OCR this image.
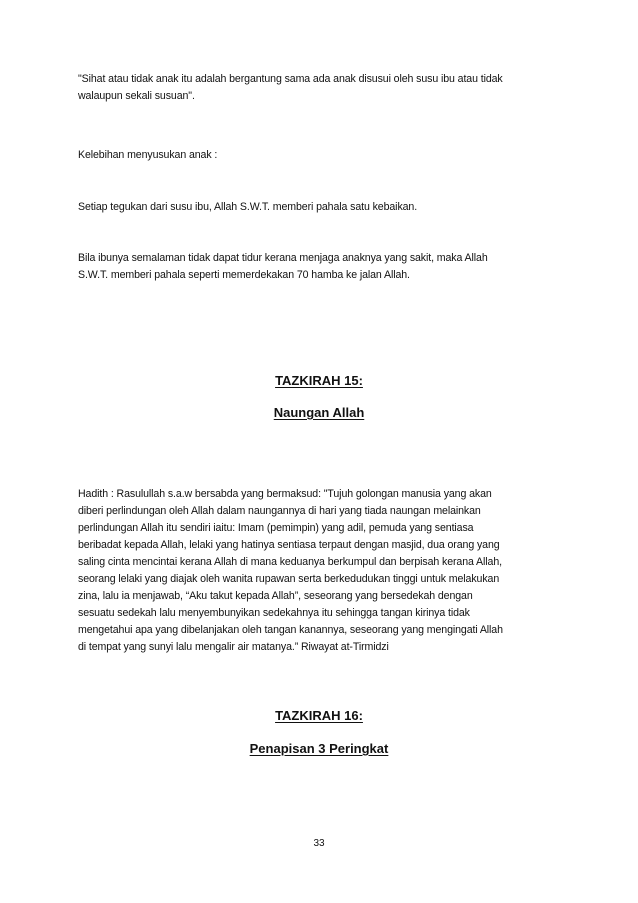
"Sihat atau tidak anak itu adalah bergantung sama ada anak disusui oleh susu ibu atau tidak
walaupun sekali susuan".

Kelebihan menyusukan anak :

Setiap tegukan dari susu ibu, Allah S.W.T. memberi pahala satu kebaikan.

Bila ibunya semalaman tidak dapat tidur kerana menjaga anaknya yang sakit, maka Allah
S.W.T. memberi pahala seperti memerdekakan 70 hamba ke jalan Allah.

TAZKIRAH 15:
Naungan Allah

Hadith : Rasulullah s.a.w bersabda yang bermaksud: "Tujuh golongan manusia yang akan
diberi perlindungan oleh Allah dalam naungannya di hari yang tiada naungan melainkan
perlindungan Allah itu sendiri iaitu: Imam (pemimpin) yang adil, pemuda yang sentiasa
beribadat kepada Allah, lelaki yang hatinya sentiasa terpaut dengan masjid, dua orang yang
saling cinta mencintai kerana Allah di mana keduanya berkumpul dan berpisah kerana Allah,
seorang lelaki yang diajak oleh wanita rupawan serta berkedudukan tinggi untuk melakukan
zina, lalu ia menjawab, “Aku takut kepada Allah”, seseorang yang bersedekah dengan
sesuatu sedekah lalu menyembunyikan sedekahnya itu sehingga tangan kirinya tidak
mengetahui apa yang dibelanjakan oleh tangan kanannya, seseorang yang mengingati Allah
di tempat yang sunyi lalu mengalir air matanya.” Riwayat at-Tirmidzi

TAZKIRAH 16:
Penapisan 3 Peringkat
33
